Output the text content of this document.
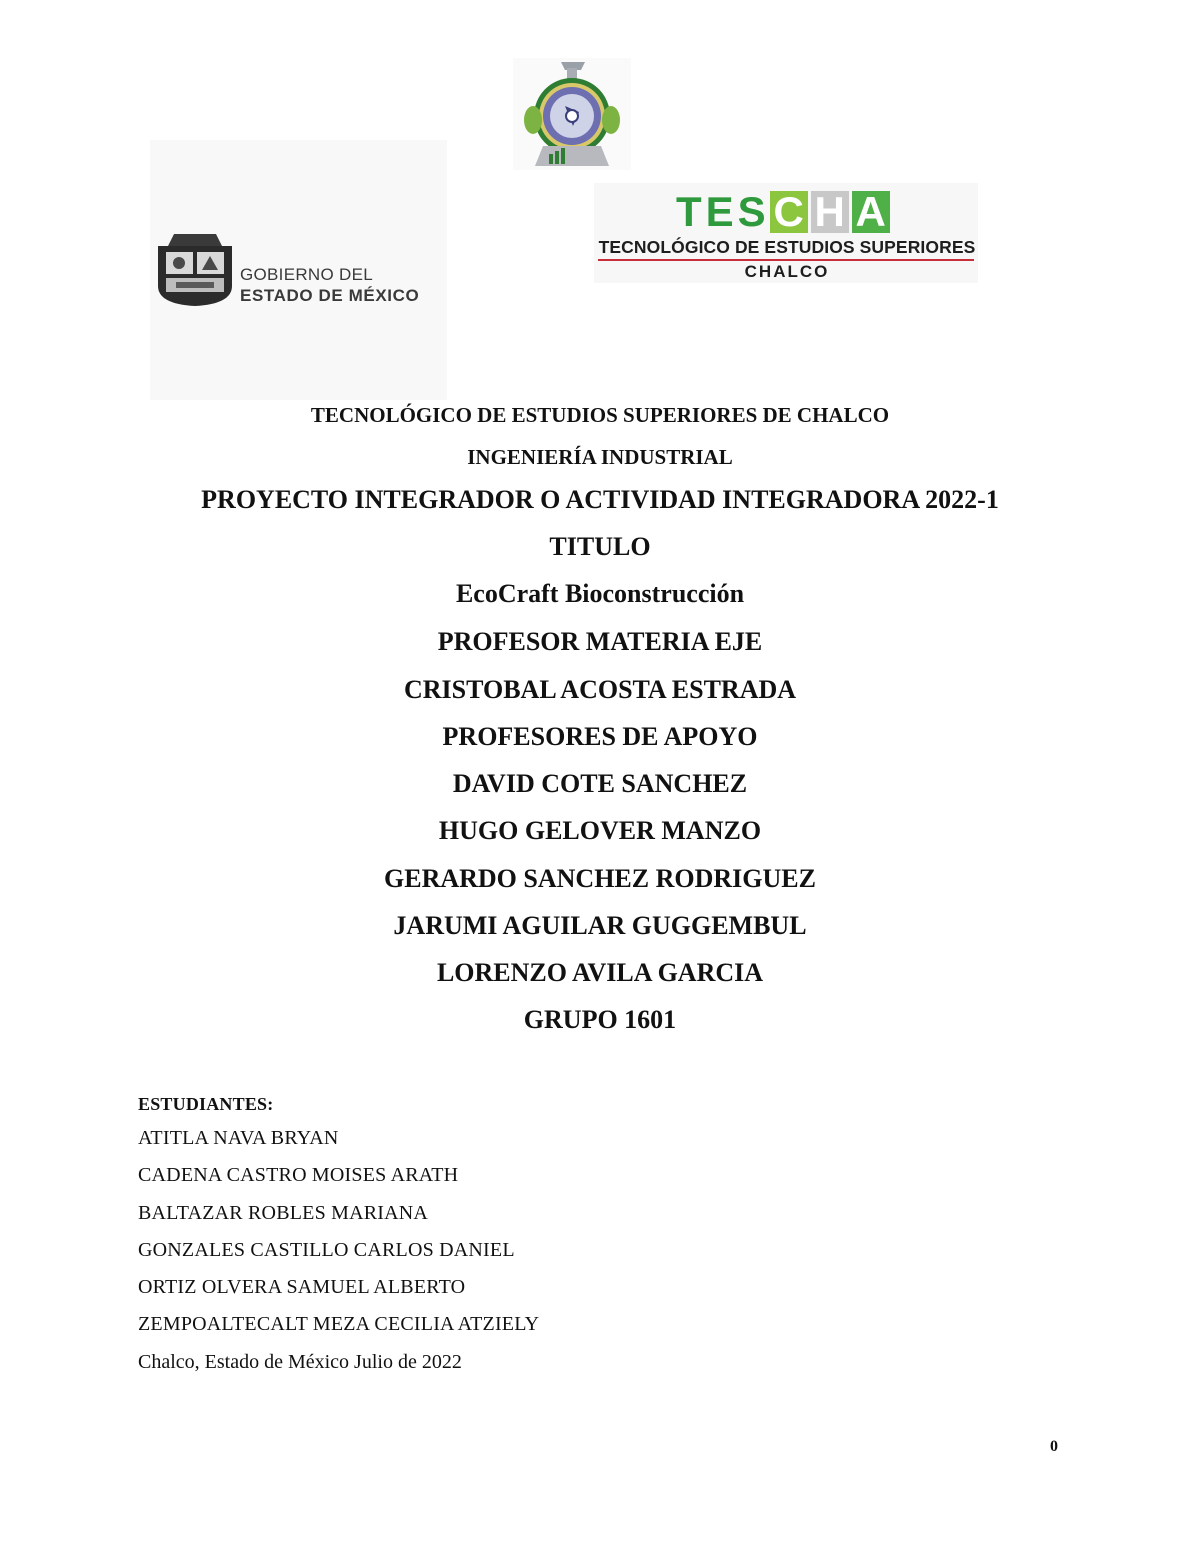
GOBIERNO DEL
ESTADO DE MÉXICO
TES C H A
TECNOLÓGICO DE ESTUDIOS SUPERIORES
CHALCO
TECNOLÓGICO DE ESTUDIOS SUPERIORES DE CHALCO
INGENIERÍA INDUSTRIAL
PROYECTO INTEGRADOR O ACTIVIDAD INTEGRADORA 2022-1
TITULO
EcoCraft Bioconstrucción
PROFESOR MATERIA EJE
CRISTOBAL ACOSTA ESTRADA
PROFESORES DE APOYO
DAVID COTE SANCHEZ
HUGO GELOVER MANZO
GERARDO SANCHEZ RODRIGUEZ
JARUMI AGUILAR GUGGEMBUL
LORENZO AVILA GARCIA
GRUPO 1601
ESTUDIANTES:
ATITLA NAVA BRYAN
CADENA CASTRO MOISES ARATH
BALTAZAR ROBLES MARIANA
GONZALES CASTILLO CARLOS DANIEL
ORTIZ OLVERA SAMUEL ALBERTO
ZEMPOALTECALT MEZA CECILIA ATZIELY
Chalco, Estado de México Julio de 2022
0
